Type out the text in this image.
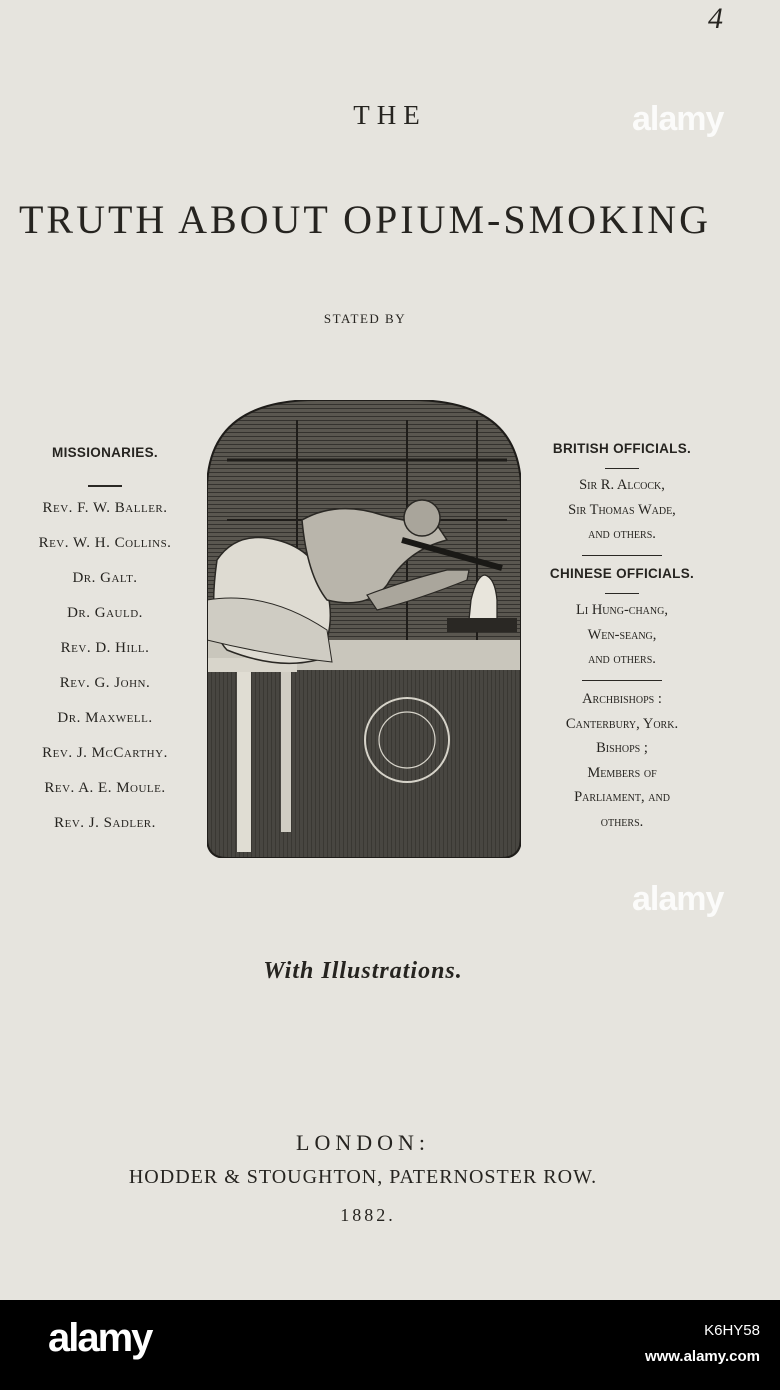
4
THE
TRUTH ABOUT OPIUM-SMOKING
STATED BY
MISSIONARIES.
Rev. F. W. Baller.
Rev. W. H. Collins.
Dr. Galt.
Dr. Gauld.
Rev. D. Hill.
Rev. G. John.
Dr. Maxwell.
Rev. J. McCarthy.
Rev. A. E. Moule.
Rev. J. Sadler.
BRITISH OFFICIALS.
Sir R. Alcock,
Sir Thomas Wade,
and others.
CHINESE OFFICIALS.
Li Hung-chang,
Wen-seang,
and others.
Archbishops :
Canterbury, York.
Bishops ;
Members of
Parliament, and
others.
With Illustrations.
LONDON:
HODDER & STOUGHTON, PATERNOSTER ROW.
1882.
alamy
alamy
alamy	K6HY58
www.alamy.com
